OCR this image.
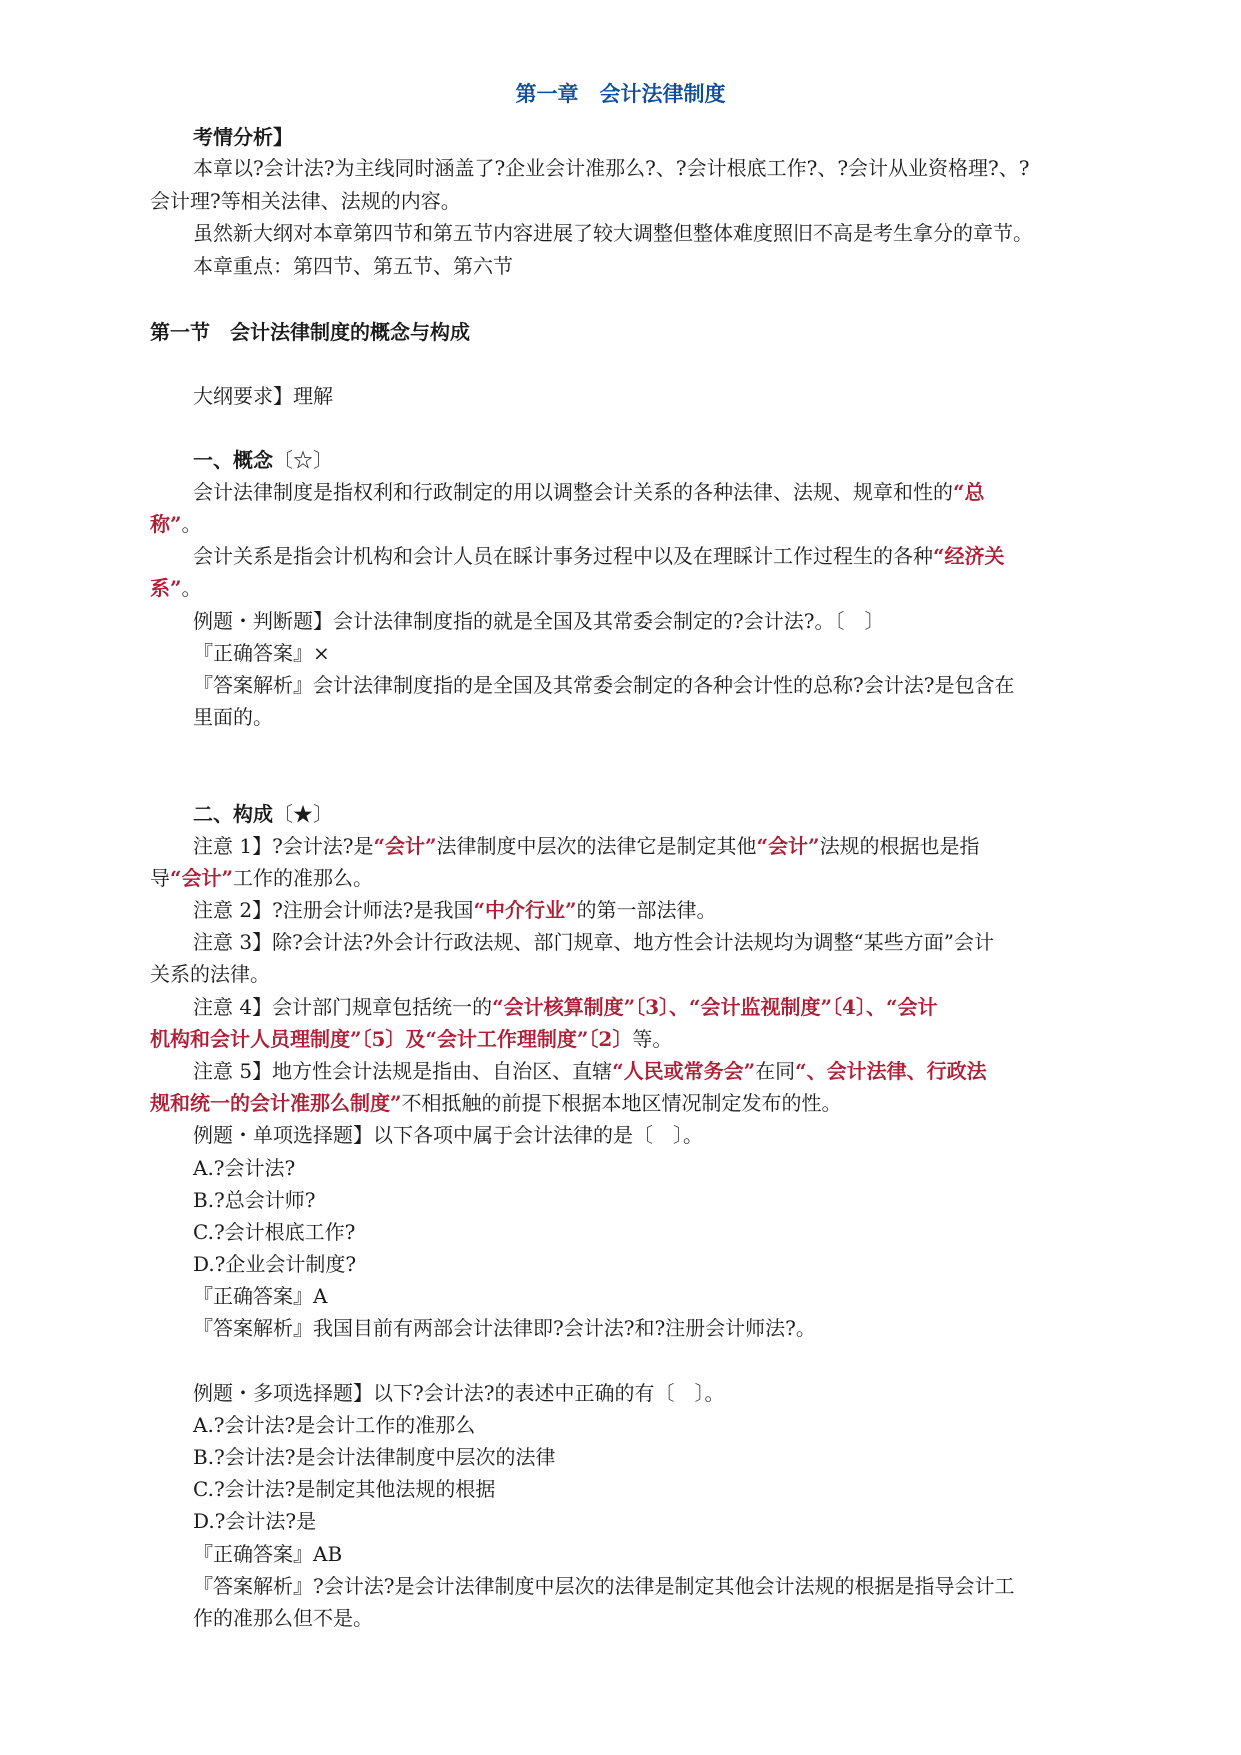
第一章　会计法律制度
考情分析】
本章以?会计法?为主线同时涵盖了?企业会计准那么?、?会计根底工作?、?会计从业资格理?、?
会计理?等相关法律、法规的内容。
虽然新大纲对本章第四节和第五节内容进展了较大调整但整体难度照旧不高是考生拿分的章节。
本章重点：第四节、第五节、第六节
第一节　会计法律制度的概念与构成
大纲要求】理解
一、概念〔☆〕
会计法律制度是指权利和行政制定的用以调整会计关系的各种法律、法规、规章和性的“总
称”。
会计关系是指会计机构和会计人员在睬计事务过程中以及在理睬计工作过程生的各种“经济关
系”。
例题・判断题】会计法律制度指的就是全国及其常委会制定的?会计法?。〔　〕
『正确答案』×
『答案解析』会计法律制度指的是全国及其常委会制定的各种会计性的总称?会计法?是包含在
里面的。
二、构成〔★〕
注意 1】?会计法?是“会计”法律制度中层次的法律它是制定其他“会计”法规的根据也是指
导“会计”工作的准那么。
注意 2】?注册会计师法?是我国“中介行业”的第一部法律。
注意 3】除?会计法?外会计行政法规、部门规章、地方性会计法规均为调整“某些方面”会计
关系的法律。
注意 4】会计部门规章包括统一的“会计核算制度”〔3〕、“会计监视制度”〔4〕、“会计
机构和会计人员理制度”〔5〕及“会计工作理制度”〔2〕等。
注意 5】地方性会计法规是指由、自治区、直辖“人民或常务会”在同“、会计法律、行政法
规和统一的会计准那么制度”不相抵触的前提下根据本地区情况制定发布的性。
例题・单项选择题】以下各项中属于会计法律的是〔　〕。
A.?会计法?
B.?总会计师?
C.?会计根底工作?
D.?企业会计制度?
『正确答案』A
『答案解析』我国目前有两部会计法律即?会计法?和?注册会计师法?。
例题・多项选择题】以下?会计法?的表述中正确的有〔　〕。
A.?会计法?是会计工作的准那么
B.?会计法?是会计法律制度中层次的法律
C.?会计法?是制定其他法规的根据
D.?会计法?是
『正确答案』AB
『答案解析』?会计法?是会计法律制度中层次的法律是制定其他会计法规的根据是指导会计工
作的准那么但不是。
